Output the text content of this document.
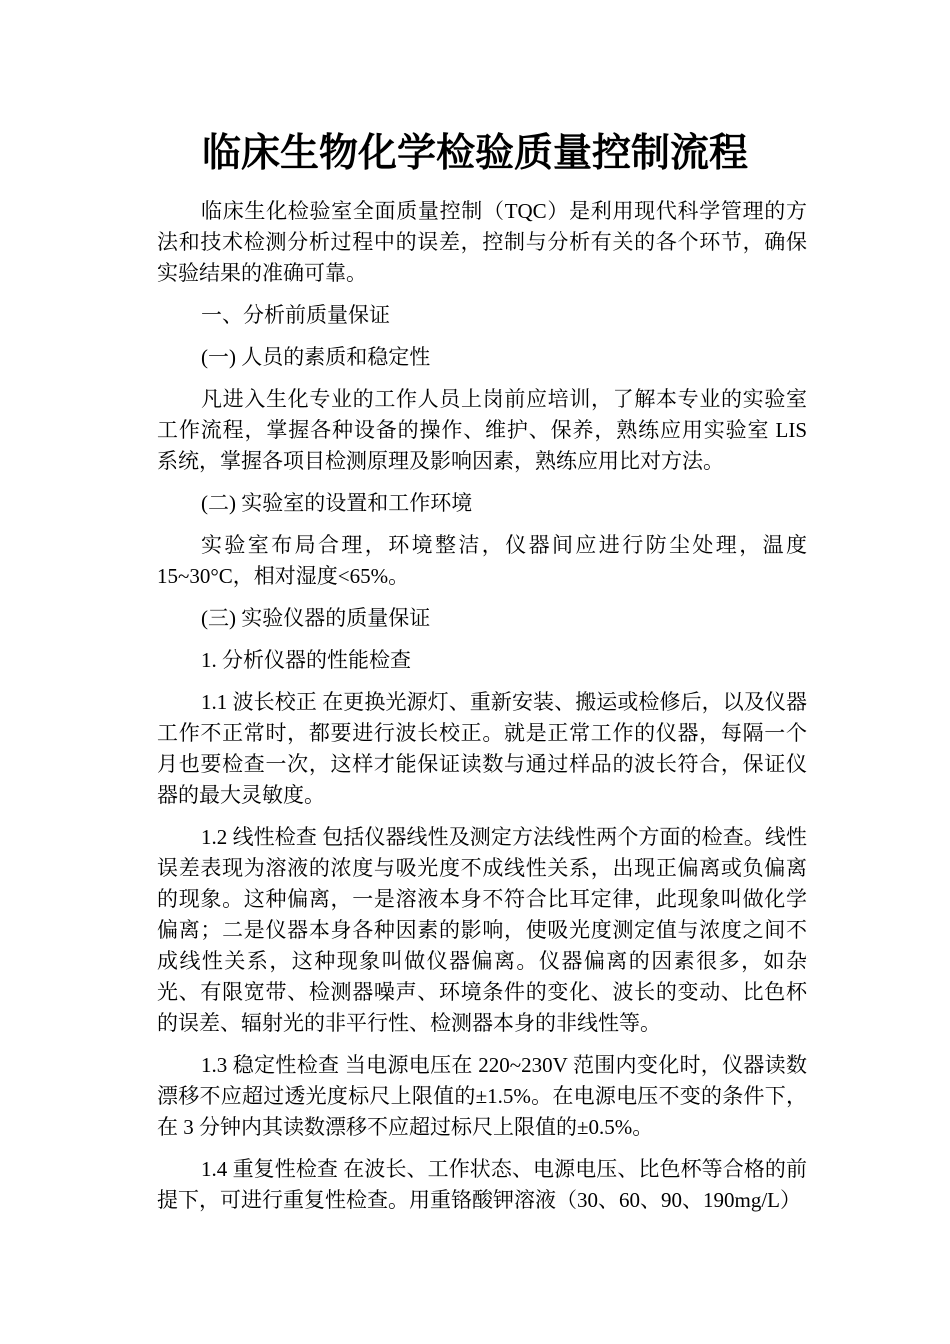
临床生物化学检验质量控制流程

临床生化检验室全面质量控制（TQC）是利用现代科学管理的方法和技术检测分析过程中的误差，控制与分析有关的各个环节，确保实验结果的准确可靠。

一、分析前质量保证

(一) 人员的素质和稳定性

凡进入生化专业的工作人员上岗前应培训，了解本专业的实验室工作流程，掌握各种设备的操作、维护、保养，熟练应用实验室 LIS 系统，掌握各项目检测原理及影响因素，熟练应用比对方法。

(二) 实验室的设置和工作环境

实验室布局合理，环境整洁，仪器间应进行防尘处理，温度 15~30°C，相对湿度<65%。

(三) 实验仪器的质量保证

1. 分析仪器的性能检查

1.1 波长校正 在更换光源灯、重新安装、搬运或检修后，以及仪器工作不正常时，都要进行波长校正。就是正常工作的仪器，每隔一个月也要检查一次，这样才能保证读数与通过样品的波长符合，保证仪器的最大灵敏度。

1.2 线性检查 包括仪器线性及测定方法线性两个方面的检查。线性误差表现为溶液的浓度与吸光度不成线性关系，出现正偏离或负偏离的现象。这种偏离，一是溶液本身不符合比耳定律，此现象叫做化学偏离；二是仪器本身各种因素的影响，使吸光度测定值与浓度之间不成线性关系，这种现象叫做仪器偏离。仪器偏离的因素很多，如杂光、有限宽带、检测器噪声、环境条件的变化、波长的变动、比色杯的误差、辐射光的非平行性、检测器本身的非线性等。

1.3 稳定性检查 当电源电压在 220~230V 范围内变化时，仪器读数漂移不应超过透光度标尺上限值的±1.5%。在电源电压不变的条件下，在 3 分钟内其读数漂移不应超过标尺上限值的±0.5%。

1.4 重复性检查 在波长、工作状态、电源电压、比色杯等合格的前提下，可进行重复性检查。用重铬酸钾溶液（30、60、90、190mg/L）
